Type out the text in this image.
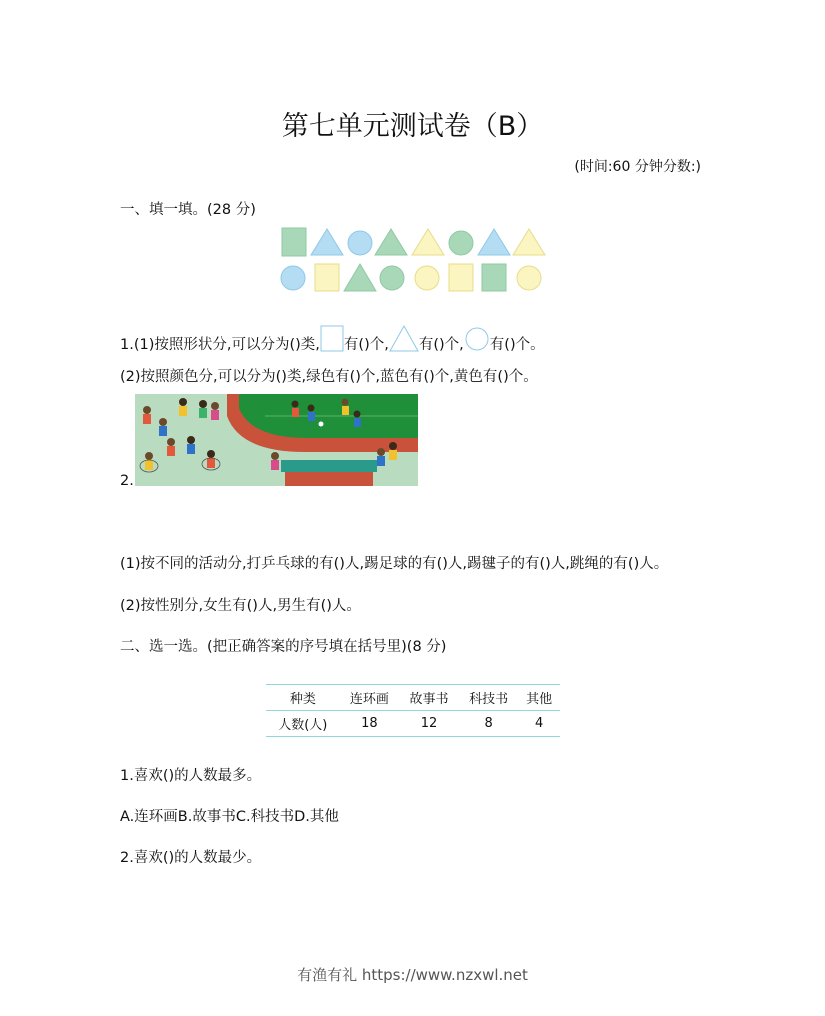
第七单元测试卷（B）
(时间:60 分钟分数:)
一、填一填。(28 分)
1.(1)按照形状分,可以分为()类, 有()个, 有()个, 有()个。
(2)按照颜色分,可以分为()类,绿色有()个,蓝色有()个,黄色有()个。
2.
(1)按不同的活动分,打乒乓球的有()人,踢足球的有()人,踢毽子的有()人,跳绳的有()人。
(2)按性别分,女生有()人,男生有()人。
二、选一选。(把正确答案的序号填在括号里)(8 分)
种类	连环画	故事书	科技书	其他
人数(人)	18	12	8	4
1.喜欢()的人数最多。
A.连环画B.故事书C.科技书D.其他
2.喜欢()的人数最少。
有渔有礼 https://www.nzxwl.net
